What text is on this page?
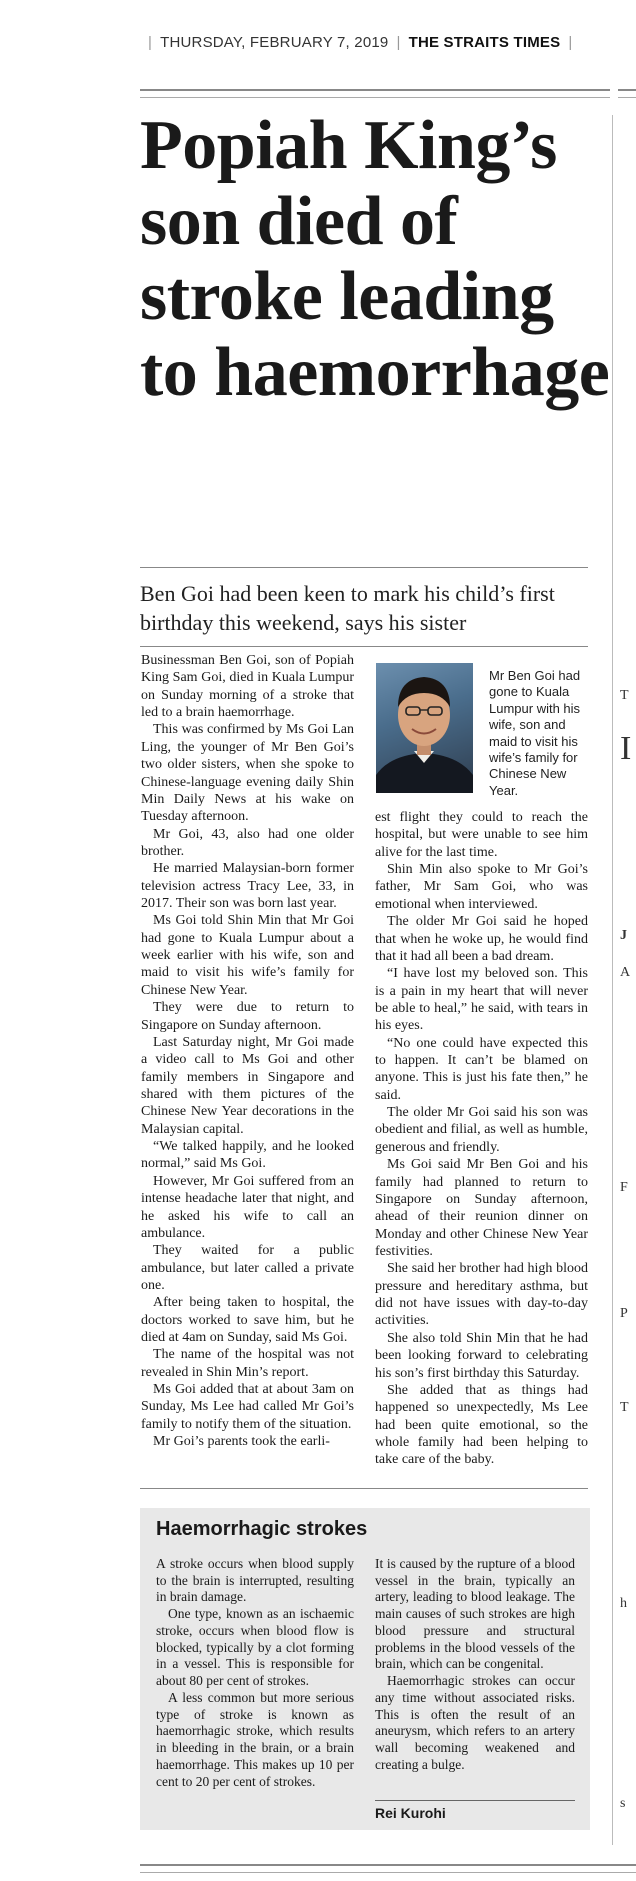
| THURSDAY, FEBRUARY 7, 2019 | THE STRAITS TIMES |
Popiah King’s son died of stroke leading to haemorrhage
Ben Goi had been keen to mark his child’s first birthday this weekend, says his sister

Businessman Ben Goi, son of Popiah King Sam Goi, died in Kuala Lumpur on Sunday morning of a stroke that led to a brain haemorrhage.

This was confirmed by Ms Goi Lan Ling, the younger of Mr Ben Goi’s two older sisters, when she spoke to Chinese-language evening daily Shin Min Daily News at his wake on Tuesday afternoon.

Mr Goi, 43, also had one older brother.

He married Malaysian-born former television actress Tracy Lee, 33, in 2017. Their son was born last year.

Ms Goi told Shin Min that Mr Goi had gone to Kuala Lumpur about a week earlier with his wife, son and maid to visit his wife’s family for Chinese New Year.

They were due to return to Singapore on Sunday afternoon.

Last Saturday night, Mr Goi made a video call to Ms Goi and other family members in Singapore and shared with them pictures of the Chinese New Year decorations in the Malaysian capital.

“We talked happily, and he looked normal,” said Ms Goi.

However, Mr Goi suffered from an intense headache later that night, and he asked his wife to call an ambulance.

They waited for a public ambulance, but later called a private one.

After being taken to hospital, the doctors worked to save him, but he died at 4am on Sunday, said Ms Goi.

The name of the hospital was not revealed in Shin Min’s report.

Ms Goi added that at about 3am on Sunday, Ms Lee had called Mr Goi’s family to notify them of the situation.

Mr Goi’s parents took the earli-

Mr Ben Goi had gone to Kuala Lumpur with his wife, son and maid to visit his wife’s family for Chinese New Year.

est flight they could to reach the hospital, but were unable to see him alive for the last time.

Shin Min also spoke to Mr Goi’s father, Mr Sam Goi, who was emotional when interviewed.

The older Mr Goi said he hoped that when he woke up, he would find that it had all been a bad dream.

“I have lost my beloved son. This is a pain in my heart that will never be able to heal,” he said, with tears in his eyes.

“No one could have expected this to happen. It can’t be blamed on anyone. This is just his fate then,” he said.

The older Mr Goi said his son was obedient and filial, as well as humble, generous and friendly.

Ms Goi said Mr Ben Goi and his family had planned to return to Singapore on Sunday afternoon, ahead of their reunion dinner on Monday and other Chinese New Year festivities.

She said her brother had high blood pressure and hereditary asthma, but did not have issues with day-to-day activities.

She also told Shin Min that he had been looking forward to celebrating his son’s first birthday this Saturday.

She added that as things had happened so unexpectedly, Ms Lee had been quite emotional, so the whole family had been helping to take care of the baby.

Haemorrhagic strokes

A stroke occurs when blood supply to the brain is interrupted, resulting in brain damage.

One type, known as an ischaemic stroke, occurs when blood flow is blocked, typically by a clot forming in a vessel. This is responsible for about 80 per cent of strokes.

A less common but more serious type of stroke is known as haemorrhagic stroke, which results in bleeding in the brain, or a brain haemorrhage. This makes up 10 per cent to 20 per cent of strokes.

It is caused by the rupture of a blood vessel in the brain, typically an artery, leading to blood leakage. The main causes of such strokes are high blood pressure and structural problems in the blood vessels of the brain, which can be congenital.

Haemorrhagic strokes can occur any time without associated risks. This is often the result of an aneurysm, which refers to an artery wall becoming weakened and creating a bulge.

Rei Kurohi
T
I
J
A
F
P
T
h
s
